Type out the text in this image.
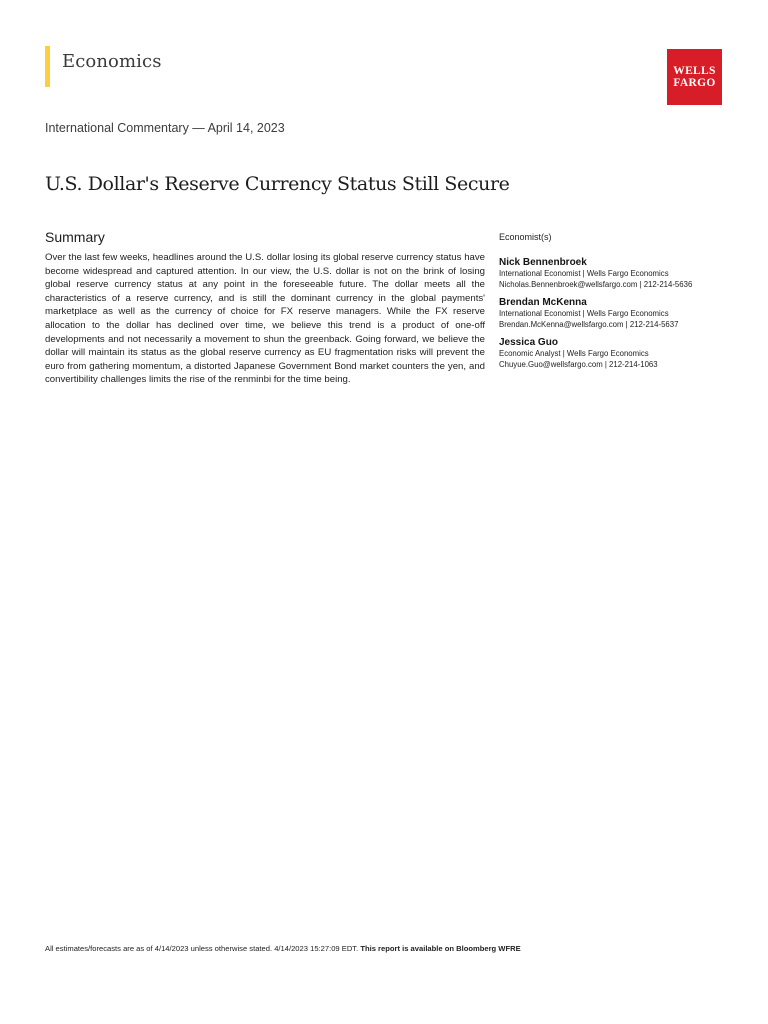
Economics	WELLS
FARGO
International Commentary — April 14, 2023
U.S. Dollar's Reserve Currency Status Still Secure
Summary

Over the last few weeks, headlines around the U.S. dollar losing its global reserve currency status have become widespread and captured attention. In our view, the U.S. dollar is not on the brink of losing global reserve currency status at any point in the foreseeable future. The dollar meets all the characteristics of a reserve currency, and is still the dominant currency in the global payments' marketplace as well as the currency of choice for FX reserve managers. While the FX reserve allocation to the dollar has declined over time, we believe this trend is a product of one-off developments and not necessarily a movement to shun the greenback. Going forward, we believe the dollar will maintain its status as the global reserve currency as EU fragmentation risks will prevent the euro from gathering momentum, a distorted Japanese Government Bond market counters the yen, and convertibility challenges limits the rise of the renminbi for the time being.

Economist(s)
Nick Bennenbroek
International Economist | Wells Fargo Economics
Nicholas.Bennenbroek@wellsfargo.com | 212-214-5636
Brendan McKenna
International Economist | Wells Fargo Economics
Brendan.McKenna@wellsfargo.com | 212-214-5637
Jessica Guo
Economic Analyst | Wells Fargo Economics
Chuyue.Guo@wellsfargo.com | 212-214-1063
All estimates/forecasts are as of 4/14/2023 unless otherwise stated. 4/14/2023 15:27:09 EDT. This report is available on Bloomberg WFRE
